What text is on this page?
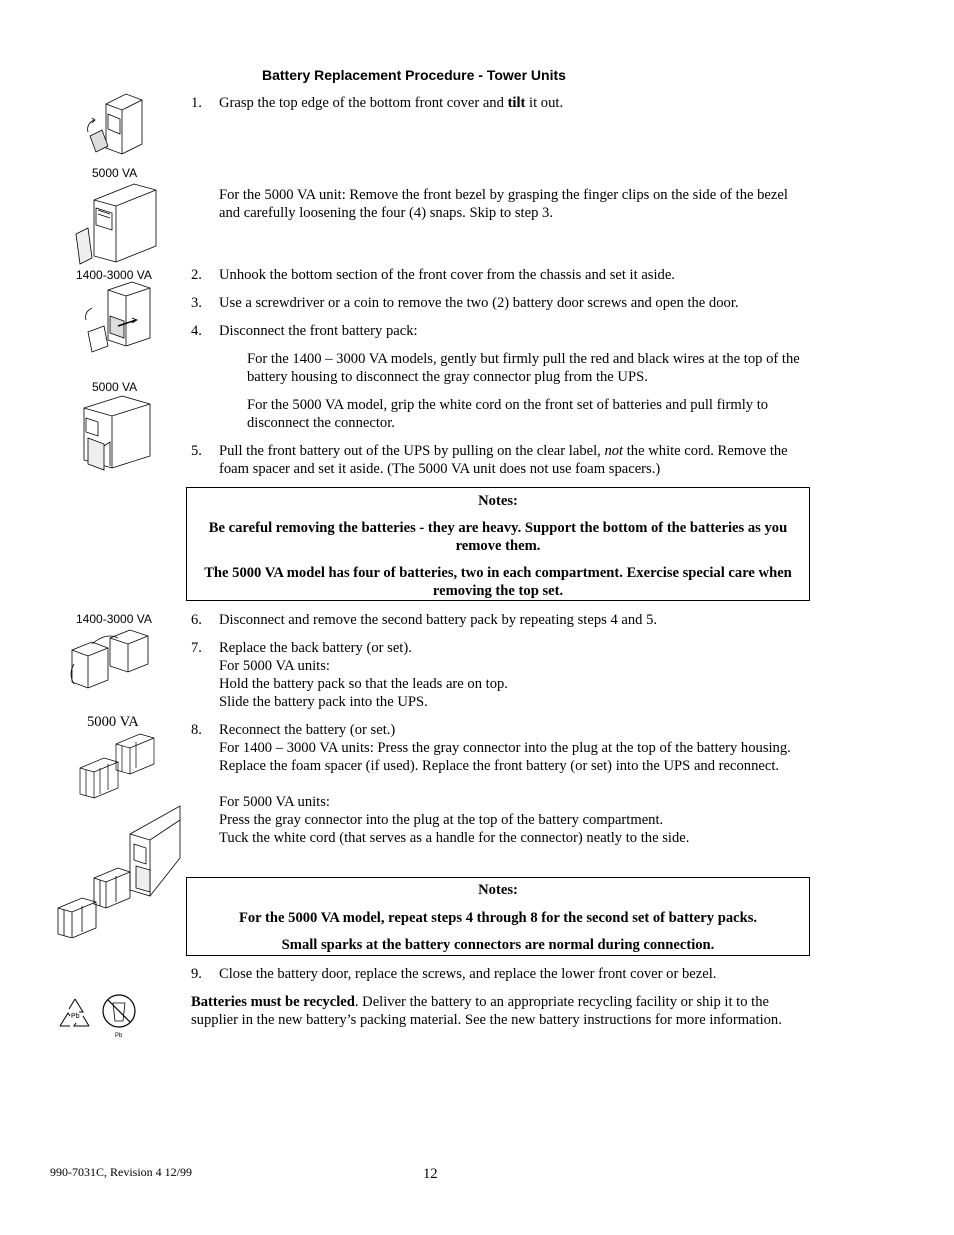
Battery Replacement Procedure - Tower Units
5000 VA
1400-3000 VA
5000 VA
1400-3000 VA
5000 VA
Pb
Pb
1.	Grasp the top edge of the bottom front cover and tilt it out.
For the 5000 VA unit: Remove the front bezel by grasping the finger clips on the side of the bezel and carefully loosening the four (4) snaps. Skip to step 3.
2.	Unhook the bottom section of the front cover from the chassis and set it aside.
3.	Use a screwdriver or a coin to remove the two (2) battery door screws and open the door.
4.	Disconnect the front battery pack:
For the 1400 – 3000 VA models, gently but firmly pull the red and black wires at the top of the battery housing to disconnect the gray connector plug from the UPS.
For the 5000 VA model, grip the white cord on the front set of batteries and pull firmly to disconnect the connector.
5.	Pull the front battery out of the UPS by pulling on the clear label, not the white cord. Remove the foam spacer and set it aside. (The 5000 VA unit does not use foam spacers.)

Notes:

Be careful removing the batteries - they are heavy. Support the bottom of the batteries as you remove them.

The 5000 VA model has four of batteries, two in each compartment. Exercise special care when removing the top set.

6.	Disconnect and remove the second battery pack by repeating steps 4 and 5.
7.	Replace the back battery (or set).
For 5000 VA units:
Hold the battery pack so that the leads are on top.
Slide the battery pack into the UPS.
8.	Reconnect the battery (or set.)
For 1400 – 3000 VA units: Press the gray connector into the plug at the top of the battery housing. Replace the foam spacer (if used). Replace the front battery (or set) into the UPS and reconnect.
For 5000 VA units:
Press the gray connector into the plug at the top of the battery compartment.
Tuck the white cord (that serves as a handle for the connector) neatly to the side.

Notes:

For the 5000 VA model, repeat steps 4 through 8 for the second set of battery packs.

Small sparks at the battery connectors are normal during connection.

9.	Close the battery door, replace the screws, and replace the lower front cover or bezel.
Batteries must be recycled. Deliver the battery to an appropriate recycling facility or ship it to the supplier in the new battery’s packing material. See the new battery instructions for more information.
990-7031C, Revision 4 12/99	12
